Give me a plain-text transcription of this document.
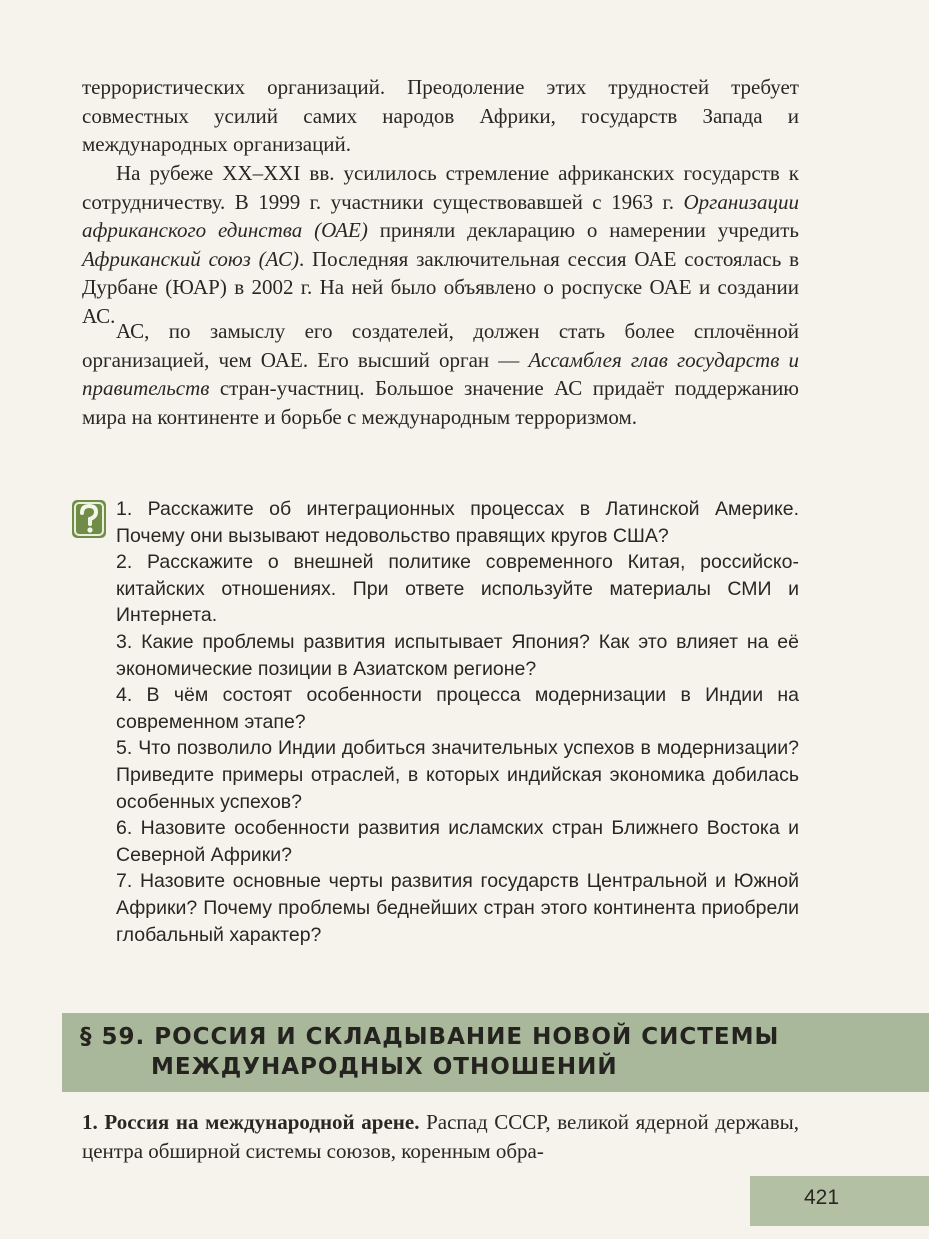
террористических организаций. Преодоление этих трудностей требует совместных усилий самих народов Африки, государств Запада и международных организаций.

На рубеже XX–XXI вв. усилилось стремление африканских государств к сотрудничеству. В 1999 г. участники существовавшей с 1963 г. Организации африканского единства (ОАЕ) приняли декларацию о намерении учредить Африканский союз (АС). Последняя заключительная сессия ОАЕ состоялась в Дурбане (ЮАР) в 2002 г. На ней было объявлено о роспуске ОАЕ и создании АС.

АС, по замыслу его создателей, должен стать более сплочённой организацией, чем ОАЕ. Его высший орган — Ассамблея глав государств и правительств стран-участниц. Большое значение АС придаёт поддержанию мира на континенте и борьбе с международным терроризмом.

1. Расскажите об интеграционных процессах в Латинской Америке. Почему они вызывают недовольство правящих кругов США?
2. Расскажите о внешней политике современного Китая, российско-китайских отношениях. При ответе используйте материалы СМИ и Интернета.
3. Какие проблемы развития испытывает Япония? Как это влияет на её экономические позиции в Азиатском регионе?
4. В чём состоят особенности процесса модернизации в Индии на современном этапе?
5. Что позволило Индии добиться значительных успехов в модернизации? Приведите примеры отраслей, в которых индийская экономика добилась особенных успехов?
6. Назовите особенности развития исламских стран Ближнего Востока и Северной Африки?
7. Назовите основные черты развития государств Центральной и Южной Африки? Почему проблемы беднейших стран этого континента приобрели глобальный характер?
§ 59. РОССИЯ И СКЛАДЫВАНИЕ НОВОЙ СИСТЕМЫ
МЕЖДУНАРОДНЫХ ОТНОШЕНИЙ

1. Россия на международной арене. Распад СССР, великой ядерной державы, центра обширной системы союзов, коренным обра-

421
